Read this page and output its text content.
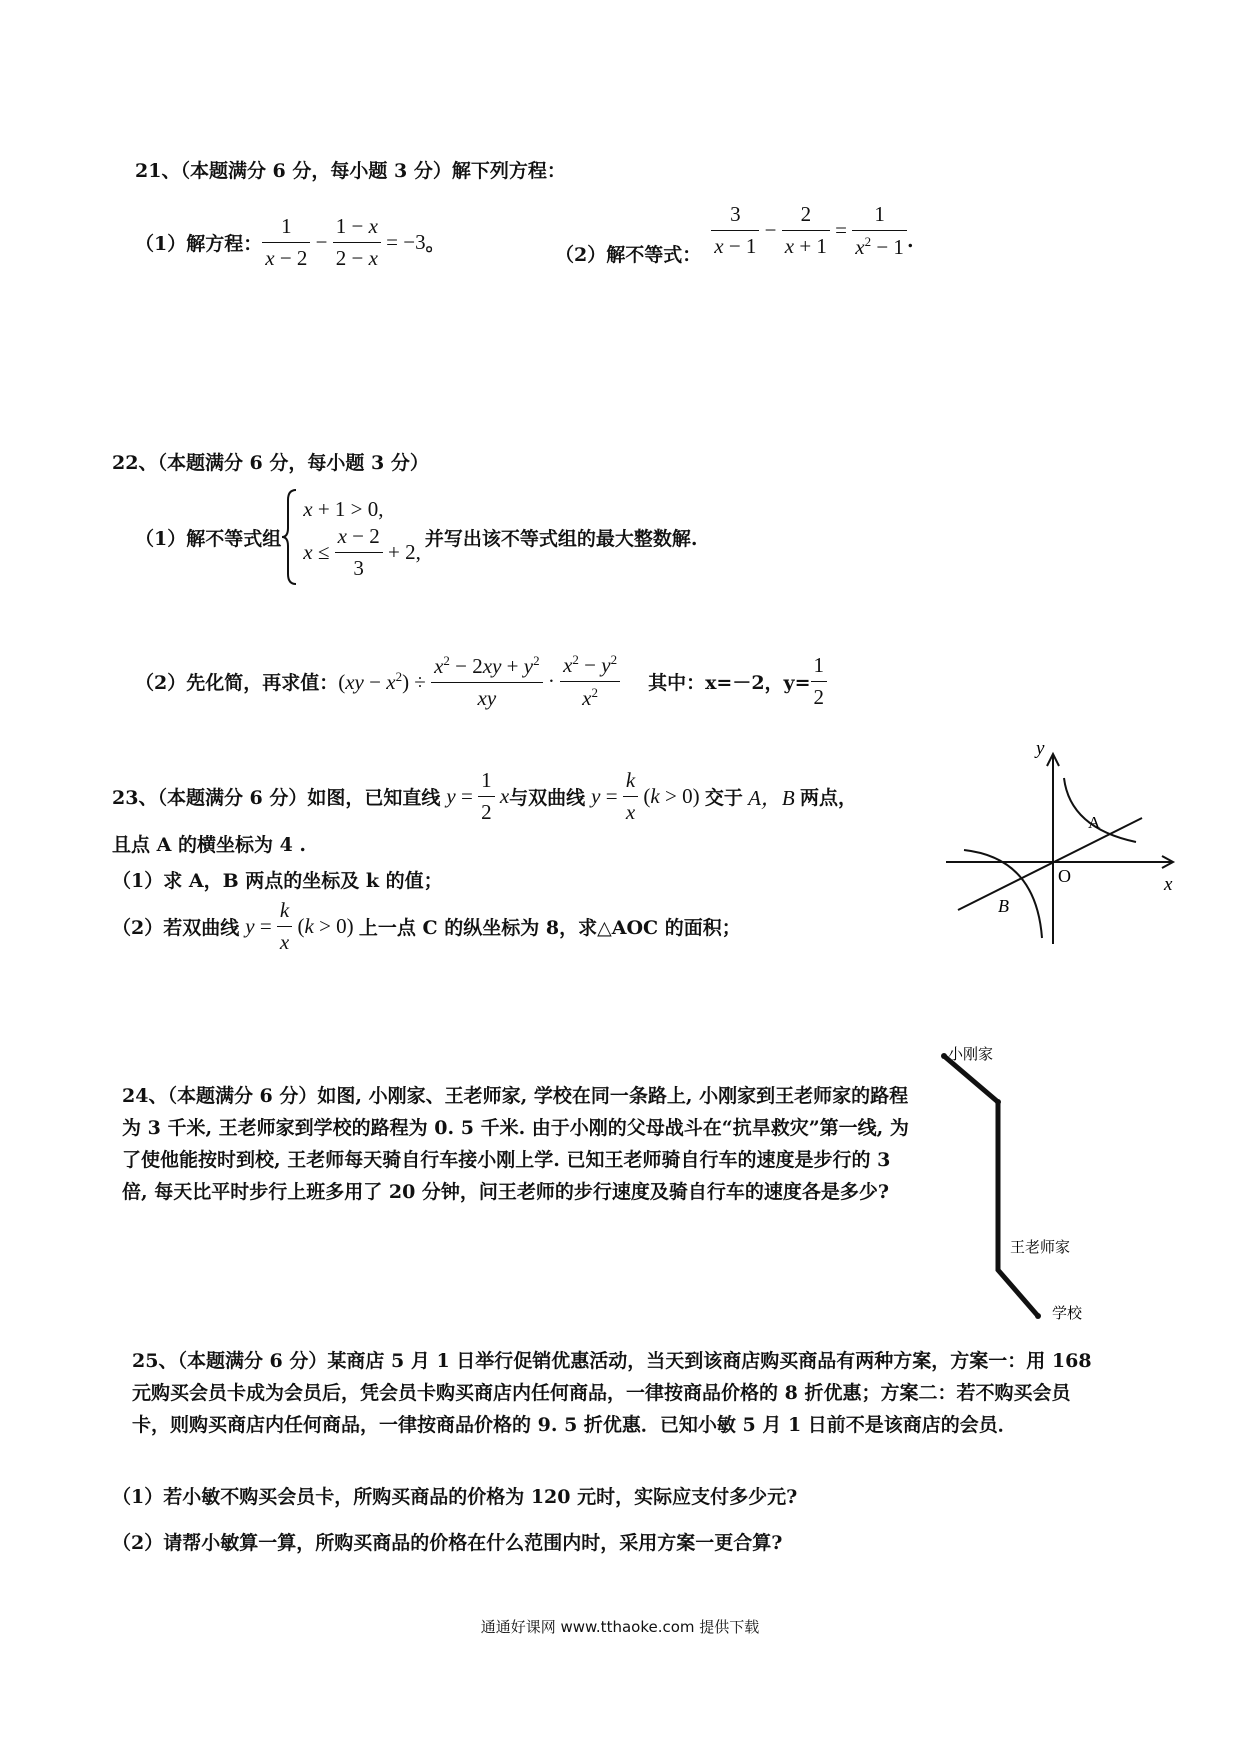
21、（本题满分 6 分，每小题 3 分）解下列方程：
（1）解方程： $\frac{1}{x - 2} - \frac{1 - x}{2 - x} = -3$ 。	（2）解不等式： $\frac{3}{x - 1} - \frac{2}{x + 1} = \frac{1}{x^2 - 1}$ .
22、（本题满分 6 分，每小题 3 分）
（1）解不等式组
x + 1 > 0,
$x \le \frac{x - 2}{3} + 2$,
并写出该不等式组的最大整数解.
（2）先化简，再求值： $(xy - x^2) \div \frac{x^2 - 2xy + y^2}{xy} \cdot \frac{x^2 - y^2}{x^2}$ 其中：x=－2，$y= \frac{1}{2}$
23、（本题满分 6 分）如图，已知直线 $y = \frac{1}{2}$ x 与双曲线 $y = \frac{k}{x} (k > 0)$ 交于 A，B 两点，
且点 A 的横坐标为 4 .
（1）求 A，B 两点的坐标及 k 的值；
（2）若双曲线 $y = \frac{k}{x} (k > 0)$ 上一点 C 的纵坐标为 8，求△AOC 的面积；
y
x
O
A
B
24、（本题满分 6 分）如图, 小刚家、王老师家, 学校在同一条路上, 小刚家到王老师家的路程为 3 千米, 王老师家到学校的路程为 0. 5 千米. 由于小刚的父母战斗在“抗旱救灾”第一线, 为了使他能按时到校, 王老师每天骑自行车接小刚上学. 已知王老师骑自行车的速度是步行的 3 倍, 每天比平时步行上班多用了 20 分钟，问王老师的步行速度及骑自行车的速度各是多少?
小刚家
王老师家
学校
25、（本题满分 6 分）某商店 5 月 1 日举行促销优惠活动，当天到该商店购买商品有两种方案，方案一：用 168 元购买会员卡成为会员后，凭会员卡购买商店内任何商品，一律按商品价格的 8 折优惠；方案二：若不购买会员卡，则购买商店内任何商品，一律按商品价格的 9. 5 折优惠．已知小敏 5 月 1 日前不是该商店的会员．
（1）若小敏不购买会员卡，所购买商品的价格为 120 元时，实际应支付多少元?
（2）请帮小敏算一算，所购买商品的价格在什么范围内时，采用方案一更合算?
通通好课网 www.tthaoke.com 提供下载
